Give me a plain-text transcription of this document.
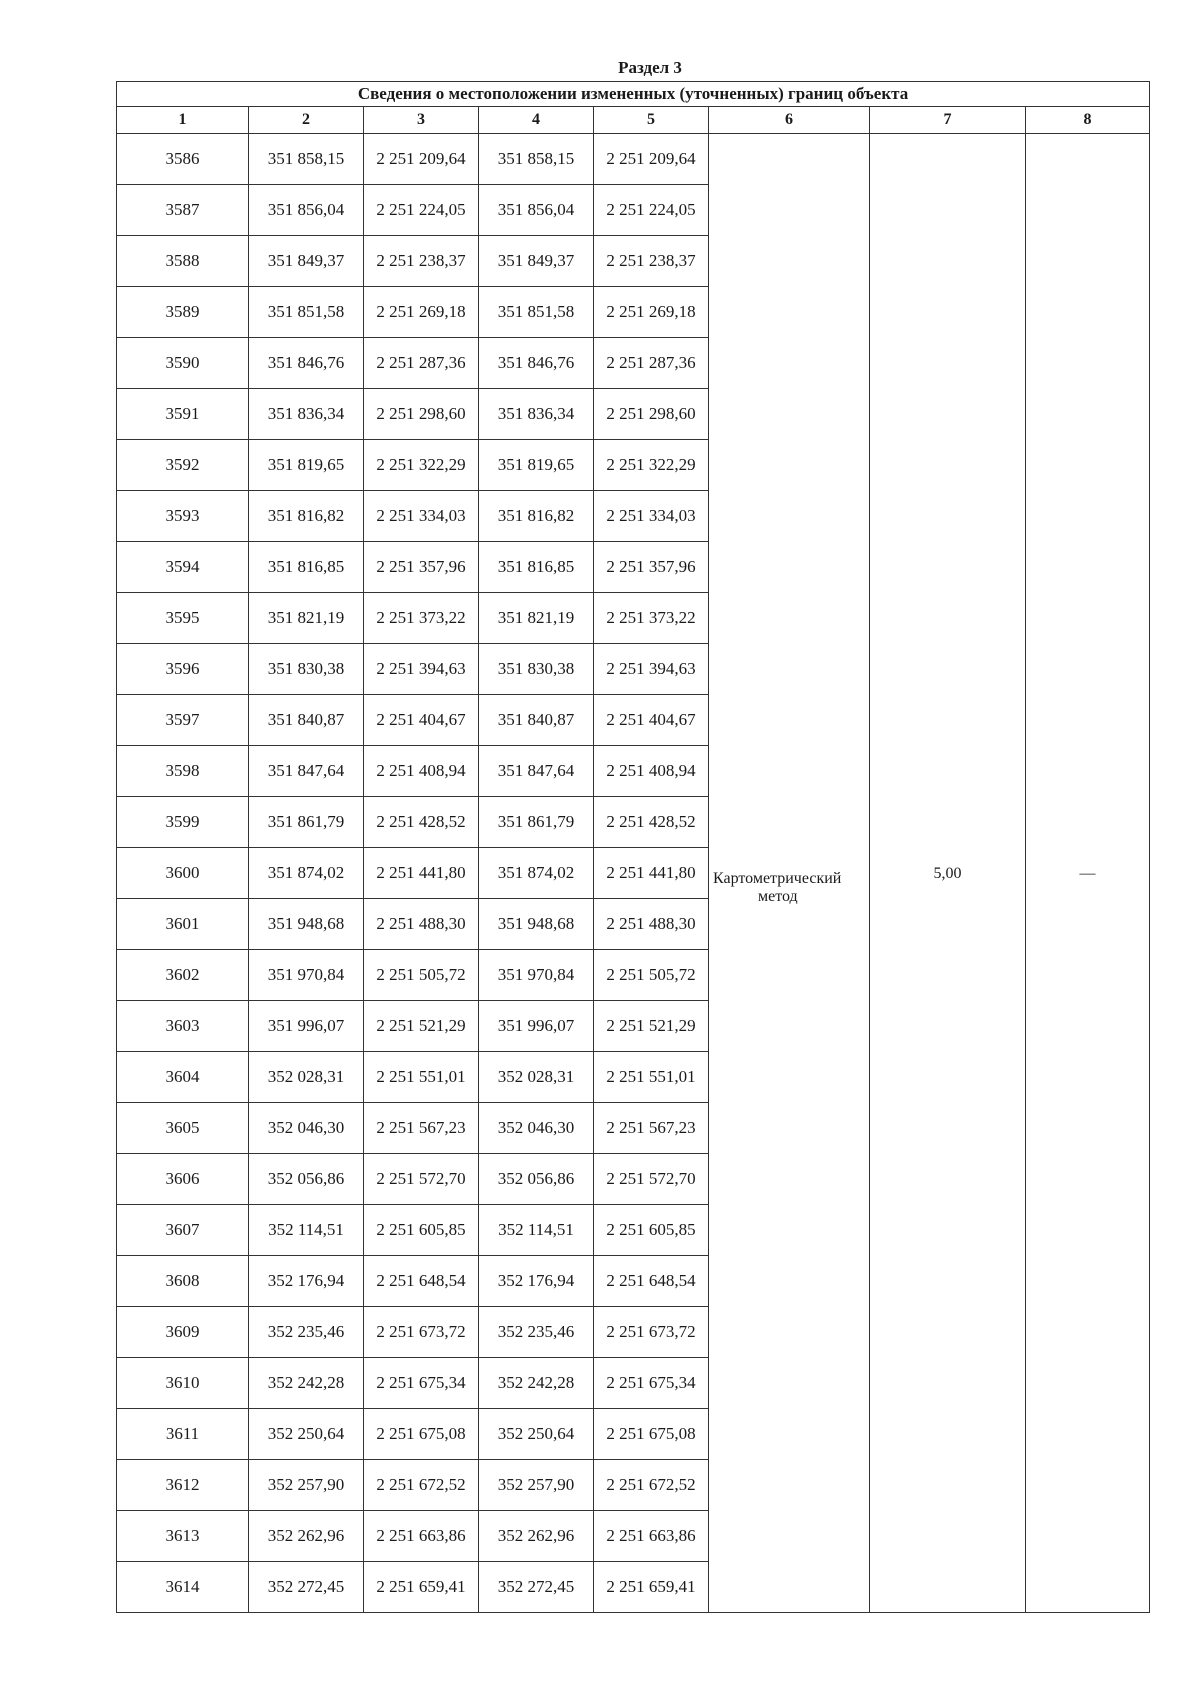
Раздел 3
Сведения о местоположении измененных (уточненных) границ объекта							
1	2	3	4	5	6	7	8
3586	351 858,15	2 251 209,64	351 858,15	2 251 209,64	Картометрический
метод	5,00	—
3587	351 856,04	2 251 224,05	351 856,04	2 251 224,05			
3588	351 849,37	2 251 238,37	351 849,37	2 251 238,37			
3589	351 851,58	2 251 269,18	351 851,58	2 251 269,18			
3590	351 846,76	2 251 287,36	351 846,76	2 251 287,36			
3591	351 836,34	2 251 298,60	351 836,34	2 251 298,60			
3592	351 819,65	2 251 322,29	351 819,65	2 251 322,29			
3593	351 816,82	2 251 334,03	351 816,82	2 251 334,03			
3594	351 816,85	2 251 357,96	351 816,85	2 251 357,96			
3595	351 821,19	2 251 373,22	351 821,19	2 251 373,22			
3596	351 830,38	2 251 394,63	351 830,38	2 251 394,63			
3597	351 840,87	2 251 404,67	351 840,87	2 251 404,67			
3598	351 847,64	2 251 408,94	351 847,64	2 251 408,94			
3599	351 861,79	2 251 428,52	351 861,79	2 251 428,52			
3600	351 874,02	2 251 441,80	351 874,02	2 251 441,80			
3601	351 948,68	2 251 488,30	351 948,68	2 251 488,30			
3602	351 970,84	2 251 505,72	351 970,84	2 251 505,72			
3603	351 996,07	2 251 521,29	351 996,07	2 251 521,29			
3604	352 028,31	2 251 551,01	352 028,31	2 251 551,01			
3605	352 046,30	2 251 567,23	352 046,30	2 251 567,23			
3606	352 056,86	2 251 572,70	352 056,86	2 251 572,70			
3607	352 114,51	2 251 605,85	352 114,51	2 251 605,85			
3608	352 176,94	2 251 648,54	352 176,94	2 251 648,54			
3609	352 235,46	2 251 673,72	352 235,46	2 251 673,72			
3610	352 242,28	2 251 675,34	352 242,28	2 251 675,34			
3611	352 250,64	2 251 675,08	352 250,64	2 251 675,08			
3612	352 257,90	2 251 672,52	352 257,90	2 251 672,52			
3613	352 262,96	2 251 663,86	352 262,96	2 251 663,86			
3614	352 272,45	2 251 659,41	352 272,45	2 251 659,41			
